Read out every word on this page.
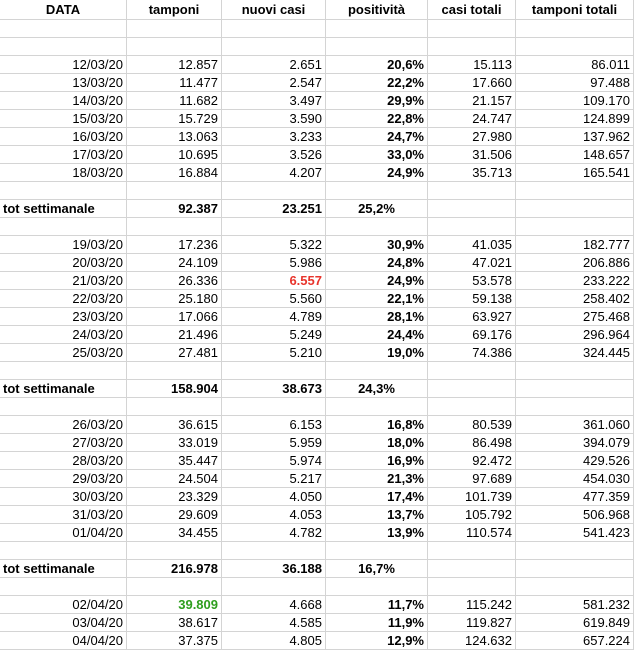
DATA	tamponi	nuovi casi	positività	casi totali	tamponi totali
12/03/20	12.857	2.651	20,6%	15.113	86.011
13/03/20	11.477	2.547	22,2%	17.660	97.488
14/03/20	11.682	3.497	29,9%	21.157	109.170
15/03/20	15.729	3.590	22,8%	24.747	124.899
16/03/20	13.063	3.233	24,7%	27.980	137.962
17/03/20	10.695	3.526	33,0%	31.506	148.657
18/03/20	16.884	4.207	24,9%	35.713	165.541
tot settimanale	92.387	23.251	25,2%
19/03/20	17.236	5.322	30,9%	41.035	182.777
20/03/20	24.109	5.986	24,8%	47.021	206.886
21/03/20	26.336	6.557	24,9%	53.578	233.222
22/03/20	25.180	5.560	22,1%	59.138	258.402
23/03/20	17.066	4.789	28,1%	63.927	275.468
24/03/20	21.496	5.249	24,4%	69.176	296.964
25/03/20	27.481	5.210	19,0%	74.386	324.445
tot settimanale	158.904	38.673	24,3%
26/03/20	36.615	6.153	16,8%	80.539	361.060
27/03/20	33.019	5.959	18,0%	86.498	394.079
28/03/20	35.447	5.974	16,9%	92.472	429.526
29/03/20	24.504	5.217	21,3%	97.689	454.030
30/03/20	23.329	4.050	17,4%	101.739	477.359
31/03/20	29.609	4.053	13,7%	105.792	506.968
01/04/20	34.455	4.782	13,9%	110.574	541.423
tot settimanale	216.978	36.188	16,7%
02/04/20	39.809	4.668	11,7%	115.242	581.232
03/04/20	38.617	4.585	11,9%	119.827	619.849
04/04/20	37.375	4.805	12,9%	124.632	657.224
